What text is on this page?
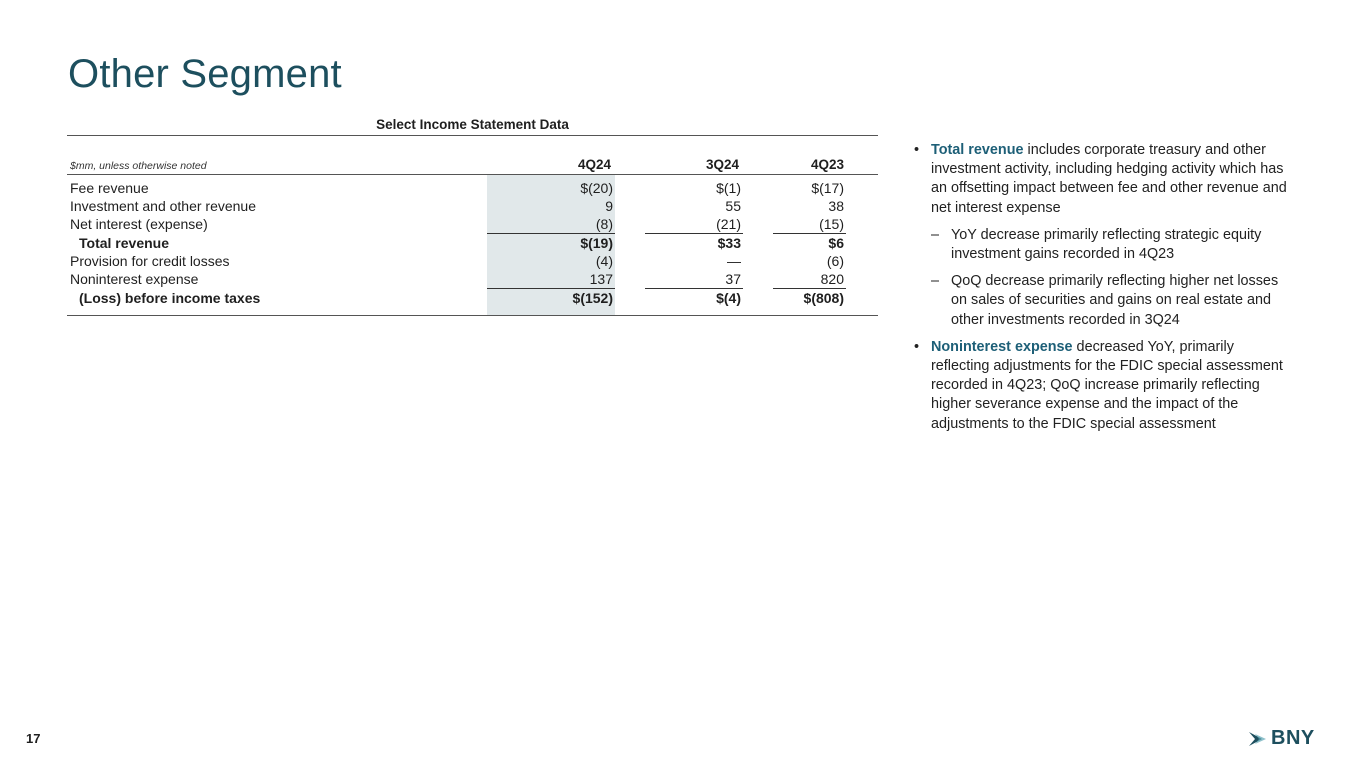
Other Segment
Select Income Statement Data
$mm, unless otherwise noted	4Q24	3Q24	4Q23
Fee revenue	$(20)	$(1)	$(17)

Investment and other revenue	9	55	38

Net interest (expense)	(8)	(21)	(15)

Total revenue	$(19)	$33	$6

Provision for credit losses	(4)	—	(6)

Noninterest expense	137	37	820

(Loss) before income taxes	$(152)	$(4)	$(808)
• Total revenue includes corporate treasury and other investment activity, including hedging activity which has an offsetting impact between fee and other revenue and net interest expense
– YoY decrease primarily reflecting strategic equity investment gains recorded in 4Q23
– QoQ decrease primarily reflecting higher net losses on sales of securities and gains on real estate and other investments recorded in 3Q24
• Noninterest expense decreased YoY, primarily reflecting adjustments for the FDIC special assessment recorded in 4Q23; QoQ increase primarily reflecting higher severance expense and the impact of the adjustments to the FDIC special assessment
17	BNY
